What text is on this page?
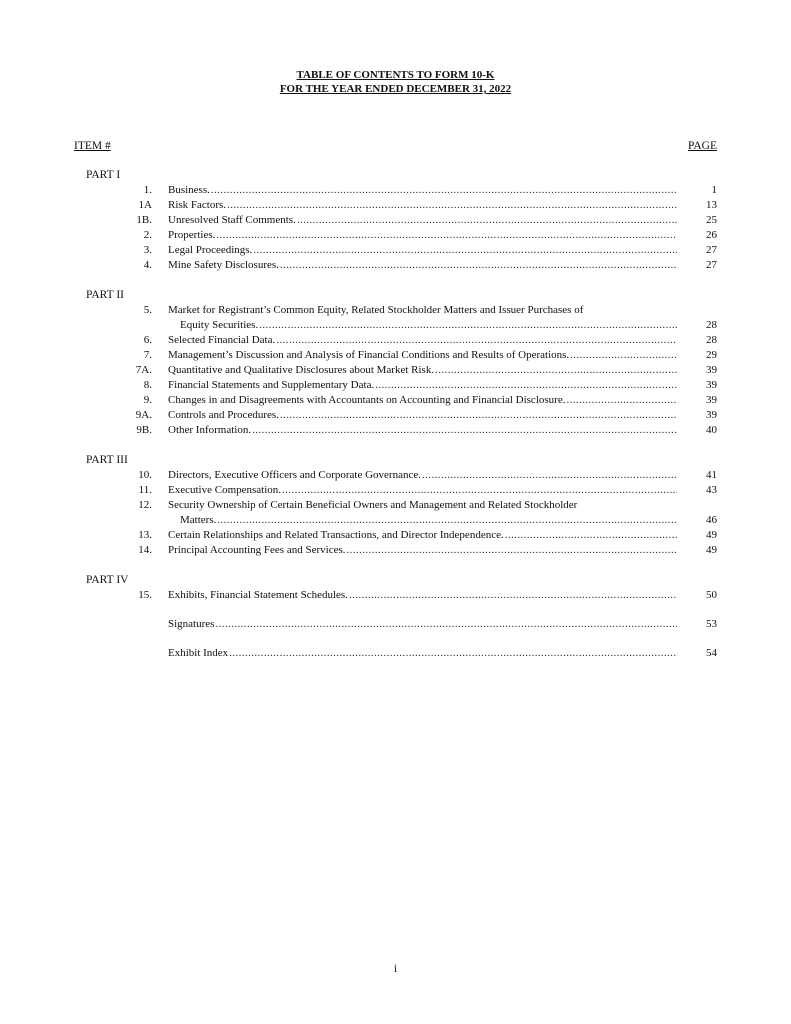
TABLE OF CONTENTS TO FORM 10-K
FOR THE YEAR ENDED DECEMBER 31, 2022
ITEM #	PAGE
PART I
1. Business. .....	1
1A Risk Factors. .....	13
1B. Unresolved Staff Comments. .....	25
2. Properties. .....	26
3. Legal Proceedings. .....	27
4. Mine Safety Disclosures. .....	27
PART II
5. Market for Registrant’s Common Equity, Related Stockholder Matters and Issuer Purchases of
Equity Securities. .....	28
6. Selected Financial Data. .....	28
7. Management’s Discussion and Analysis of Financial Conditions and Results of Operations. .....	29
7A. Quantitative and Qualitative Disclosures about Market Risk. .....	39
8. Financial Statements and Supplementary Data. .....	39
9. Changes in and Disagreements with Accountants on Accounting and Financial Disclosure. .....	39
9A. Controls and Procedures. .....	39
9B. Other Information. .....	40
PART III
10. Directors, Executive Officers and Corporate Governance. .....	41
11. Executive Compensation. .....	43
12. Security Ownership of Certain Beneficial Owners and Management and Related Stockholder
Matters. .....	46
13. Certain Relationships and Related Transactions, and Director Independence. .....	49
14. Principal Accounting Fees and Services. .....	49
PART IV
15. Exhibits, Financial Statement Schedules. .....	50
Signatures .....	53
Exhibit Index .....	54
i
